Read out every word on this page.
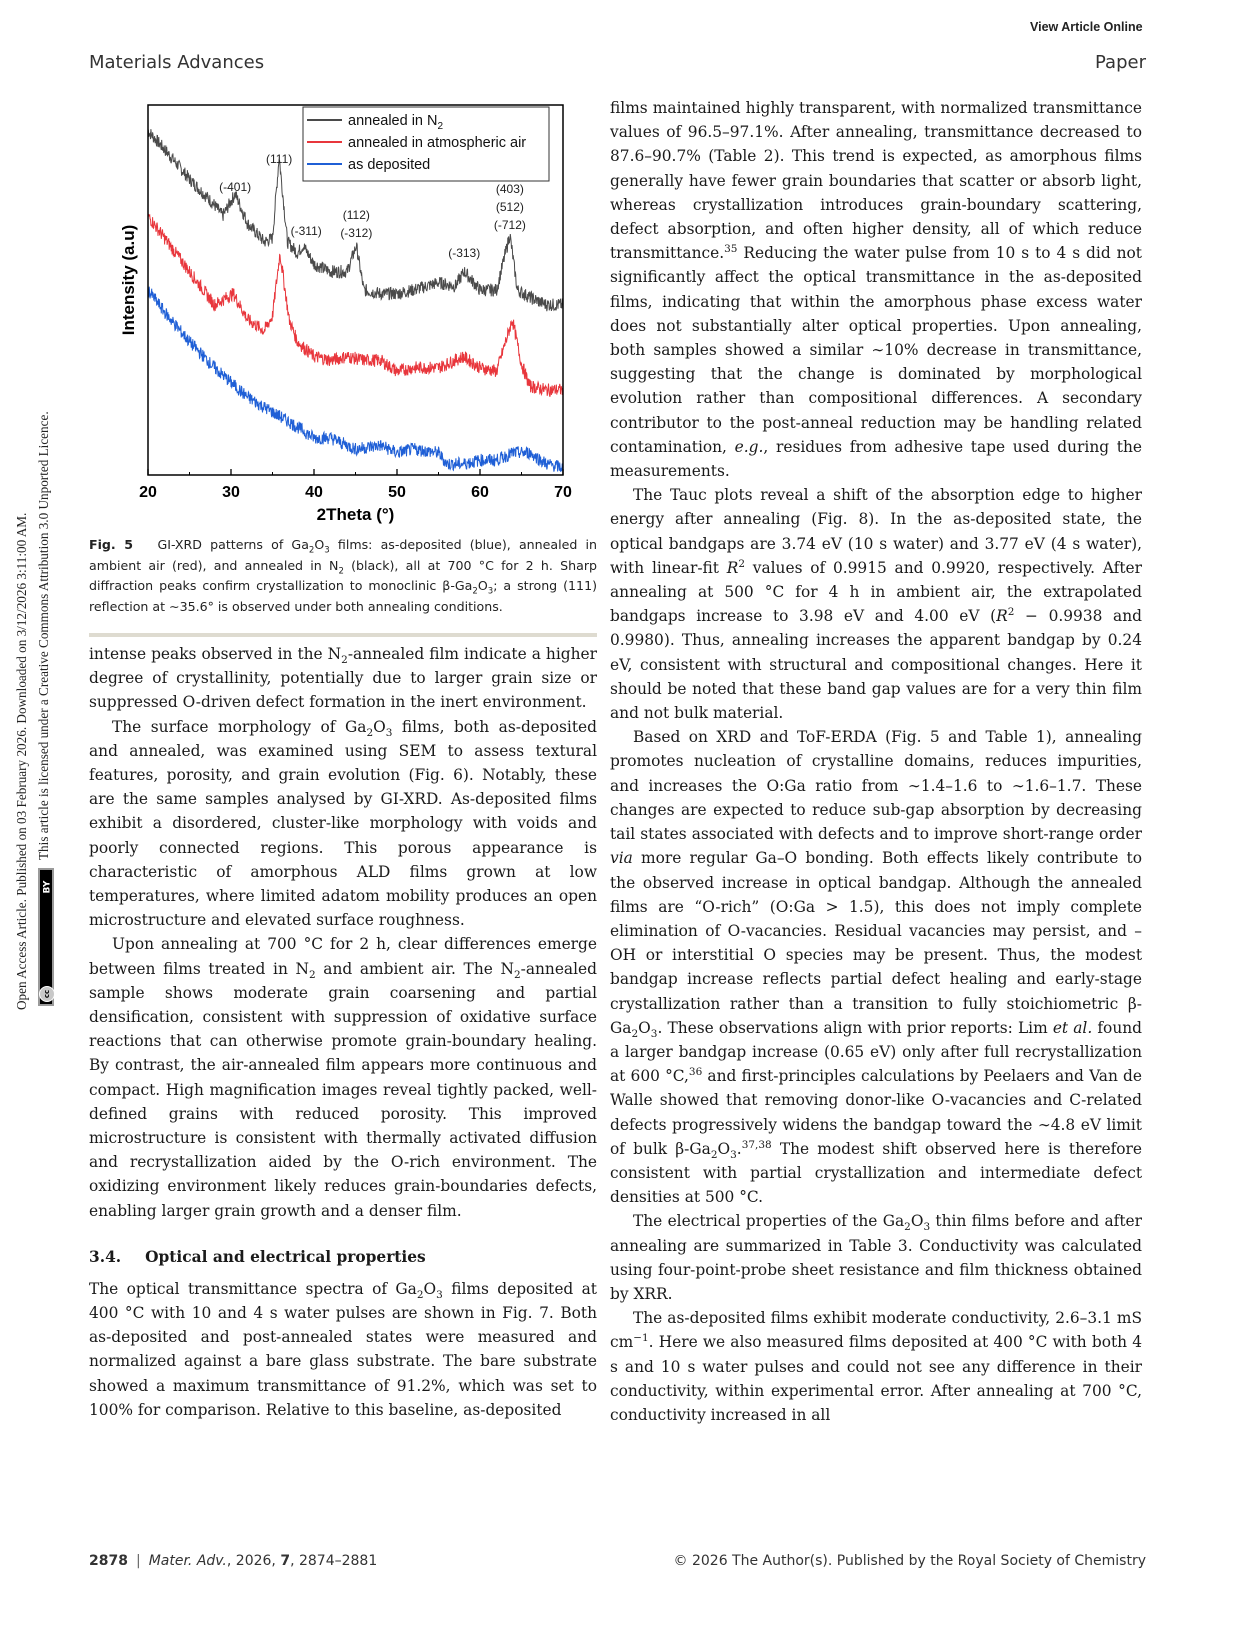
View Article Online
Materials Advances	Paper
Open Access Article. Published on 03 February 2026. Downloaded on 3/12/2026 3:11:00 AM. This article is licensed under a Creative Commons Attribution 3.0 Unported Licence.
BY
cc
20	30	40	50	60	70
2Theta (°)
Intensity (a.u)
(-401)
(111)
(-311)
(112)
(-312)
(-313)
(403)
(512)
(-712)
annealed in $N_2$
annealed in atmospheric air
as deposited
Fig. 5 GI-XRD patterns of $Ga_2O_3$ films: as-deposited (blue), annealed in ambient air (red), and annealed in $N_2$ (black), all at 700 °C for 2 h. Sharp diffraction peaks confirm crystallization to monoclinic $\beta-Ga_2O_3$; a strong (111) reflection at ∼35.6° is observed under both annealing conditions.

intense peaks observed in the $N_2$-annealed film indicate a higher degree of crystallinity, potentially due to larger grain size or suppressed O-driven defect formation in the inert environment.

The surface morphology of $Ga_2O_3$ films, both as-deposited and annealed, was examined using SEM to assess textural features, porosity, and grain evolution (Fig. 6). Notably, these are the same samples analysed by GI-XRD. As-deposited films exhibit a disordered, cluster-like morphology with voids and poorly connected regions. This porous appearance is characteristic of amorphous ALD films grown at low temperatures, where limited adatom mobility produces an open microstructure and elevated surface roughness.

Upon annealing at 700 °C for 2 h, clear differences emerge between films treated in $N_2$ and ambient air. The $N_2$-annealed sample shows moderate grain coarsening and partial densification, consistent with suppression of oxidative surface reactions that can otherwise promote grain-boundary healing. By contrast, the air-annealed film appears more continuous and compact. High magnification images reveal tightly packed, well-defined grains with reduced porosity. This improved microstructure is consistent with thermally activated diffusion and recrystallization aided by the O-rich environment. The oxidizing environment likely reduces grain-boundaries defects, enabling larger grain growth and a denser film.

3.4. Optical and electrical properties

The optical transmittance spectra of $Ga_2O_3$ films deposited at 400 °C with 10 and 4 s water pulses are shown in Fig. 7. Both as-deposited and post-annealed states were measured and normalized against a bare glass substrate. The bare substrate showed a maximum transmittance of 91.2%, which was set to 100% for comparison. Relative to this baseline, as-deposited

films maintained highly transparent, with normalized transmittance values of 96.5–97.1%. After annealing, transmittance decreased to 87.6–90.7% (Table 2). This trend is expected, as amorphous films generally have fewer grain boundaries that scatter or absorb light, whereas crystallization introduces grain-boundary scattering, defect absorption, and often higher density, all of which reduce transmittance.$^{35}$ Reducing the water pulse from 10 s to 4 s did not significantly affect the optical transmittance in the as-deposited films, indicating that within the amorphous phase excess water does not substantially alter optical properties. Upon annealing, both samples showed a similar ∼10% decrease in transmittance, suggesting that the change is dominated by morphological evolution rather than compositional differences. A secondary contributor to the post-anneal reduction may be handling related contamination, e.g., residues from adhesive tape used during the measurements.

The Tauc plots reveal a shift of the absorption edge to higher energy after annealing (Fig. 8). In the as-deposited state, the optical bandgaps are 3.74 eV (10 s water) and 3.77 eV (4 s water), with linear-fit $R^2$ values of 0.9915 and 0.9920, respectively. After annealing at 500 °C for 4 h in ambient air, the extrapolated bandgaps increase to 3.98 eV and 4.00 eV ($R^2 - 0.9938$ and 0.9980). Thus, annealing increases the apparent bandgap by 0.24 eV, consistent with structural and compositional changes. Here it should be noted that these band gap values are for a very thin film and not bulk material.

Based on XRD and ToF-ERDA (Fig. 5 and Table 1), annealing promotes nucleation of crystalline domains, reduces impurities, and increases the O:Ga ratio from ∼1.4–1.6 to ∼1.6–1.7. These changes are expected to reduce sub-gap absorption by decreasing tail states associated with defects and to improve short-range order via more regular Ga–O bonding. Both effects likely contribute to the observed increase in optical bandgap. Although the annealed films are “O-rich” (O:Ga > 1.5), this does not imply complete elimination of O-vacancies. Residual vacancies may persist, and –OH or interstitial O species may be present. Thus, the modest bandgap increase reflects partial defect healing and early-stage crystallization rather than a transition to fully stoichiometric $\beta-Ga_2O_3$. These observations align with prior reports: Lim et al. found a larger bandgap increase (0.65 eV) only after full recrystallization at 600 °C,$^{36}$ and first-principles calculations by Peelaers and Van de Walle showed that removing donor-like O-vacancies and C-related defects progressively widens the bandgap toward the ∼4.8 eV limit of bulk $\beta-Ga_2O_3.^{37,38}$ The modest shift observed here is therefore consistent with partial crystallization and intermediate defect densities at 500 °C.

The electrical properties of the $Ga_2O_3$ thin films before and after annealing are summarized in Table 3. Conductivity was calculated using four-point-probe sheet resistance and film thickness obtained by XRR.

The as-deposited films exhibit moderate conductivity, 2.6–3.1 mS $cm^{-1}$. Here we also measured films deposited at 400 °C with both 4 s and 10 s water pulses and could not see any difference in their conductivity, within experimental error. After annealing at 700 °C, conductivity increased in all

2878 | Mater. Adv., 2026, 7, 2874–2881	© 2026 The Author(s). Published by the Royal Society of Chemistry
